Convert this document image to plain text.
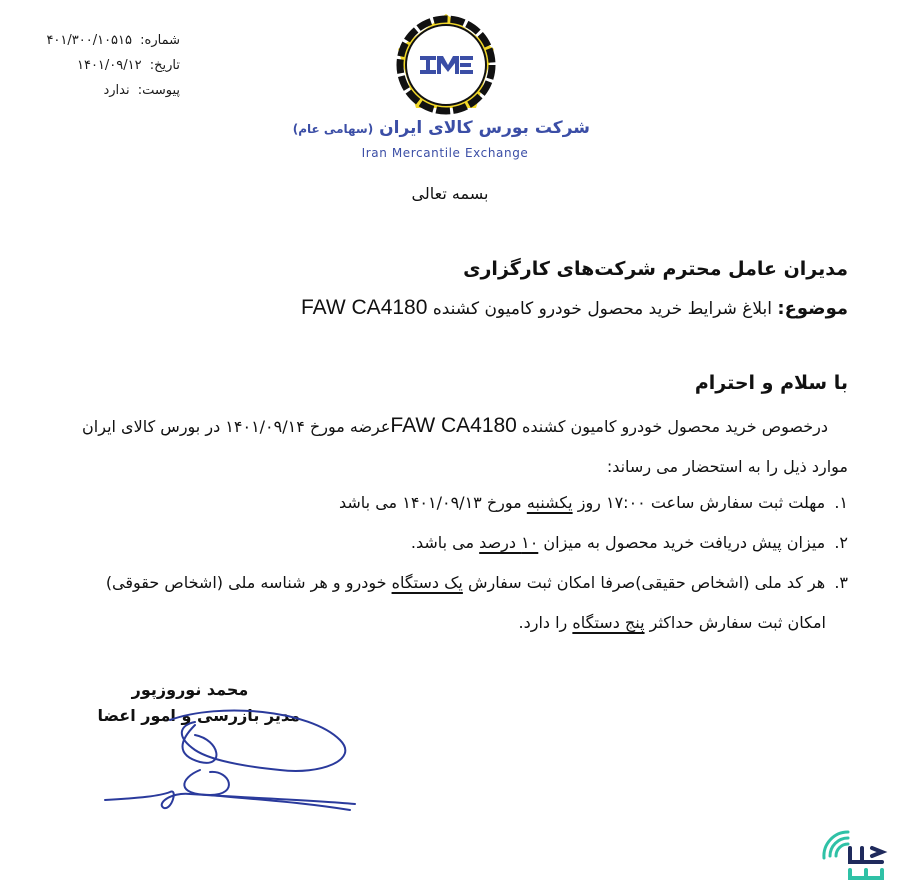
شماره: ۴۰۱/۳۰۰/۱۰۵۱۵
تاریخ: ۱۴۰۱/۰۹/۱۲
پیوست: ندارد
شرکت بورس کالای ایران (سهامی عام)
Iran Mercantile Exchange
بسمه تعالی
مدیران عامل محترم شرکت‌های کارگزاری
موضوع: ابلاغ شرایط خرید محصول خودرو کامیون کشنده FAW CA4180
با سلام و احترام
درخصوص خرید محصول خودرو کامیون کشنده FAW CA4180عرضه مورخ ۱۴۰۱/۰۹/۱۴ در بورس کالای ایران
موارد ذیل را به استحضار می رساند:
۱. مهلت ثبت سفارش ساعت ۱۷:۰۰ روز یکشنبه مورخ ۱۴۰۱/۰۹/۱۳ می باشد
۲. میزان پیش دریافت خرید محصول به میزان ۱۰ درصد می باشد.
۳. هر کد ملی (اشخاص حقیقی)صرفا امکان ثبت سفارش یک دستگاه خودرو و هر شناسه ملی (اشخاص حقوقی)
امکان ثبت سفارش حداکثر پنج دستگاه را دارد.
محمد نوروزپور
مدیر بازرسی و امور اعضا
